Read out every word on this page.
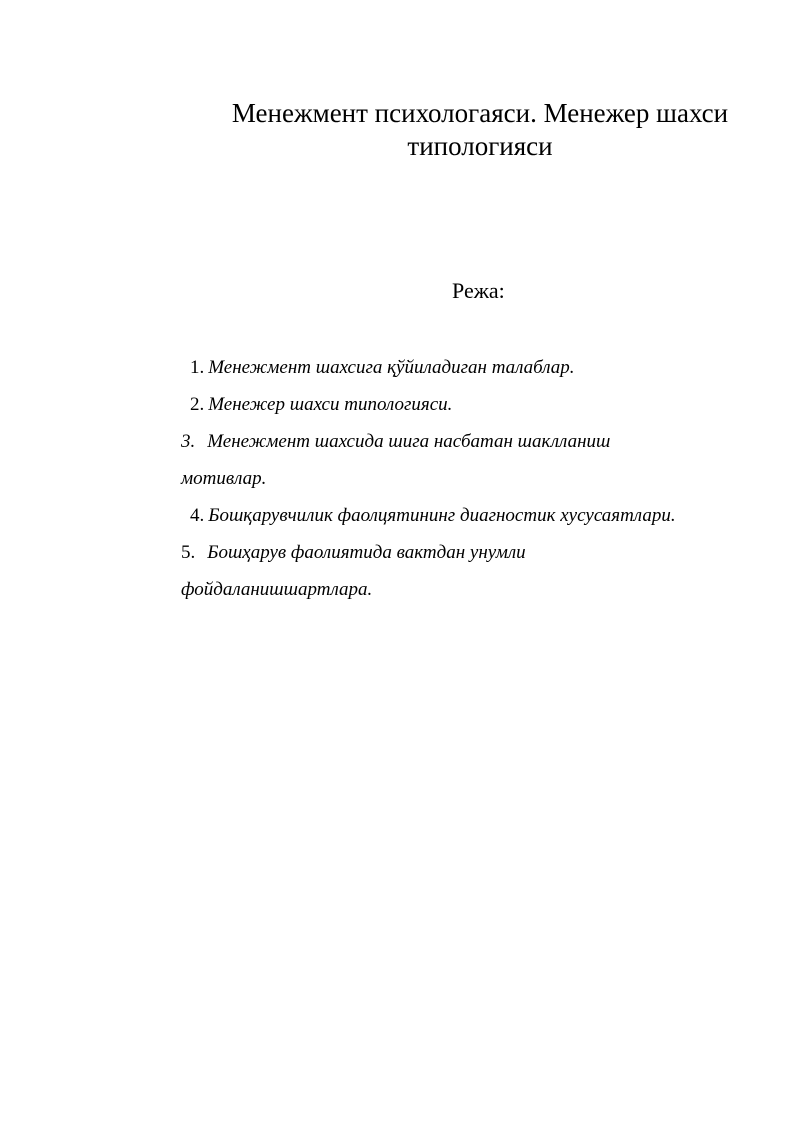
Менежмент психологаяси. Менежер шахси
типологияси
Режа:
1. Менежмент шахсига қўйиладиган талаблар.
2. Менежер шахси типологияси.
3. Менежмент шахсида шига насбатан шаклланиш
мотивлар.
4. Бошқарувчилик фаолцятининг диагностик хусусаятлари.
5. Бошҳарув фаолиятида вактдан унумли
фойдаланишшартлара.
